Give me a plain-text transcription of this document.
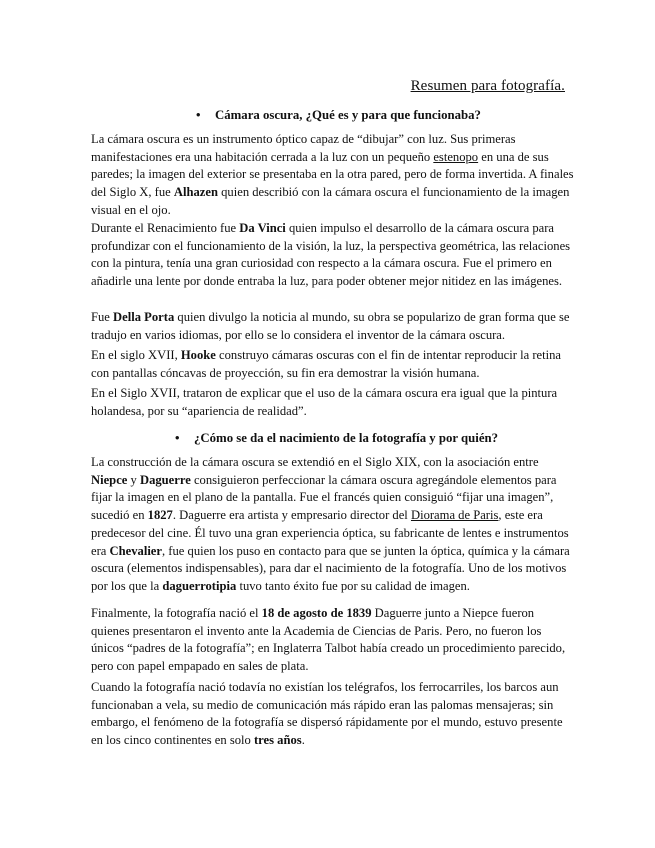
Resumen para fotografía.
• Cámara oscura, ¿Qué es y para que funcionaba?

La cámara oscura es un instrumento óptico capaz de “dibujar” con luz. Sus primeras manifestaciones era una habitación cerrada a la luz con un pequeño estenopo en una de sus paredes; la imagen del exterior se presentaba en la otra pared, pero de forma invertida. A finales del Siglo X, fue Alhazen quien describió con la cámara oscura el funcionamiento de la imagen visual en el ojo.

Durante el Renacimiento fue Da Vinci quien impulso el desarrollo de la cámara oscura para profundizar con el funcionamiento de la visión, la luz, la perspectiva geométrica, las relaciones con la pintura, tenía una gran curiosidad con respecto a la cámara oscura. Fue el primero en añadirle una lente por donde entraba la luz, para poder obtener mejor nitidez en las imágenes.

Fue Della Porta quien divulgo la noticia al mundo, su obra se popularizo de gran forma que se tradujo en varios idiomas, por ello se lo considera el inventor de la cámara oscura.

En el siglo XVII, Hooke construyo cámaras oscuras con el fin de intentar reproducir la retina con pantallas cóncavas de proyección, su fin era demostrar la visión humana.

En el Siglo XVII, trataron de explicar que el uso de la cámara oscura era igual que la pintura holandesa, por su “apariencia de realidad”.

• ¿Cómo se da el nacimiento de la fotografía y por quién?

La construcción de la cámara oscura se extendió en el Siglo XIX, con la asociación entre Niepce y Daguerre consiguieron perfeccionar la cámara oscura agregándole elementos para fijar la imagen en el plano de la pantalla. Fue el francés quien consiguió “fijar una imagen”, sucedió en 1827. Daguerre era artista y empresario director del Diorama de Paris, este era predecesor del cine. Él tuvo una gran experiencia óptica, su fabricante de lentes e instrumentos era Chevalier, fue quien los puso en contacto para que se junten la óptica, química y la cámara oscura (elementos indispensables), para dar el nacimiento de la fotografía. Uno de los motivos por los que la daguerrotipia tuvo tanto éxito fue por su calidad de imagen.

Finalmente, la fotografía nació el 18 de agosto de 1839 Daguerre junto a Niepce fueron quienes presentaron el invento ante la Academia de Ciencias de Paris. Pero, no fueron los únicos “padres de la fotografía”; en Inglaterra Talbot había creado un procedimiento parecido, pero con papel empapado en sales de plata.

Cuando la fotografía nació todavía no existían los telégrafos, los ferrocarriles, los barcos aun funcionaban a vela, su medio de comunicación más rápido eran las palomas mensajeras; sin embargo, el fenómeno de la fotografía se dispersó rápidamente por el mundo, estuvo presente en los cinco continentes en solo tres años.
